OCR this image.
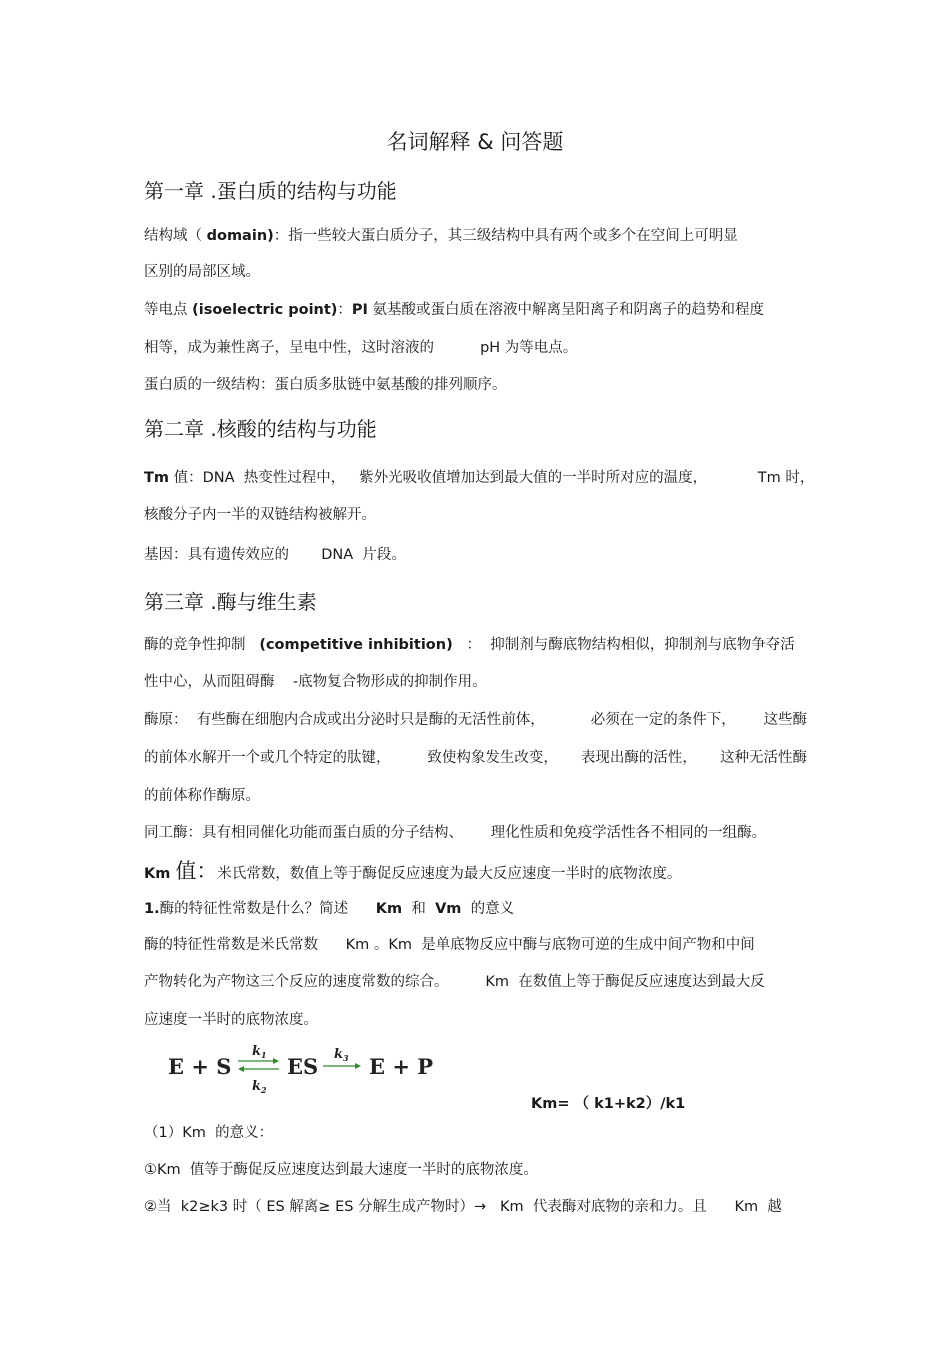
名词解释 & 问答题
第一章 .蛋白质的结构与功能
结构域（ domain)：指一些较大蛋白质分子，其三级结构中具有两个或多个在空间上可明显
区别的局部区域。
等电点 (isoelectric point)：PI 氨基酸或蛋白质在溶液中解离呈阳离子和阴离子的趋势和程度
相等，成为兼性离子，呈电中性，这时溶液的          pH 为等电点。
蛋白质的一级结构：蛋白质多肽链中氨基酸的排列顺序。
第二章 .核酸的结构与功能
Tm 值：DNA  热变性过程中，   紫外光吸收值增加达到最大值的一半时所对应的温度，           Tm 时，
核酸分子内一半的双链结构被解开。
基因：具有遗传效应的       DNA  片段。
第三章 .酶与维生素
酶的竞争性抑制   (competitive inhibition)   ：  抑制剂与酶底物结构相似，抑制剂与底物争夺活
性中心，从而阻碍酶    -底物复合物形成的抑制作用。
酶原：  有些酶在细胞内合成或出分泌时只是酶的无活性前体，          必须在一定的条件下，      这些酶
的前体水解开一个或几个特定的肽键，        致使构象发生改变，     表现出酶的活性，     这种无活性酶
的前体称作酶原。
同工酶：具有相同催化功能而蛋白质的分子结构、      理化性质和免疫学活性各不相同的一组酶。
Km 值：米氏常数，数值上等于酶促反应速度为最大反应速度一半时的底物浓度。
1.酶的特征性常数是什么？简述      Km  和  Vm  的意义
酶的特征性常数是米氏常数      Km 。Km  是单底物反应中酶与底物可逆的生成中间产物和中间
产物转化为产物这三个反应的速度常数的综合。        Km  在数值上等于酶促反应速度达到最大反
应速度一半时的底物浓度。
E + S
$k_1$
$k_2$
ES $k_3$ E + P
Km= （ k1+k2）/k1
（1）Km  的意义：
①Km  值等于酶促反应速度达到最大速度一半时的底物浓度。
②当  k2≥k3 时（ ES 解离≥ ES 分解生成产物时）→   Km  代表酶对底物的亲和力。且      Km  越
